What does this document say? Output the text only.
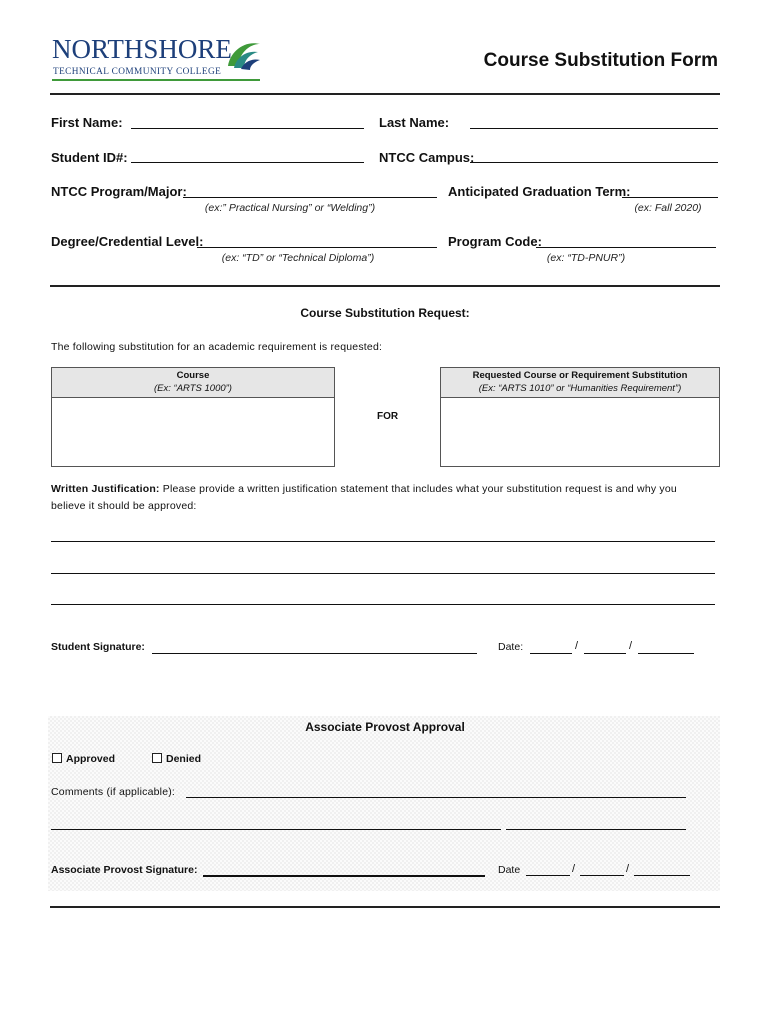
NORTHSHORE
TECHNICAL COMMUNITY COLLEGE
Course Substitution Form
First Name:	Last Name:
Student ID#:	NTCC Campus:
NTCC Program/Major:
(ex:” Practical Nursing” or “Welding”)
Anticipated Graduation Term:
(ex: Fall 2020)
Degree/Credential Level:
(ex: “TD” or “Technical Diploma”)
Program Code:
(ex: “TD-PNUR”)
Course Substitution Request:
The following substitution for an academic requirement is requested:
Course
(Ex: “ARTS 1000”)
FOR
Requested Course or Requirement Substitution
(Ex: “ARTS 1010” or “Humanities Requirement”)
Written Justification: Please provide a written justification statement that includes what your substitution request is and why you
believe it should be approved:
Student Signature:	Date:	/	/
Associate Provost Approval
Approved	Denied
Comments (if applicable):
Associate Provost Signature:	Date	/	/
